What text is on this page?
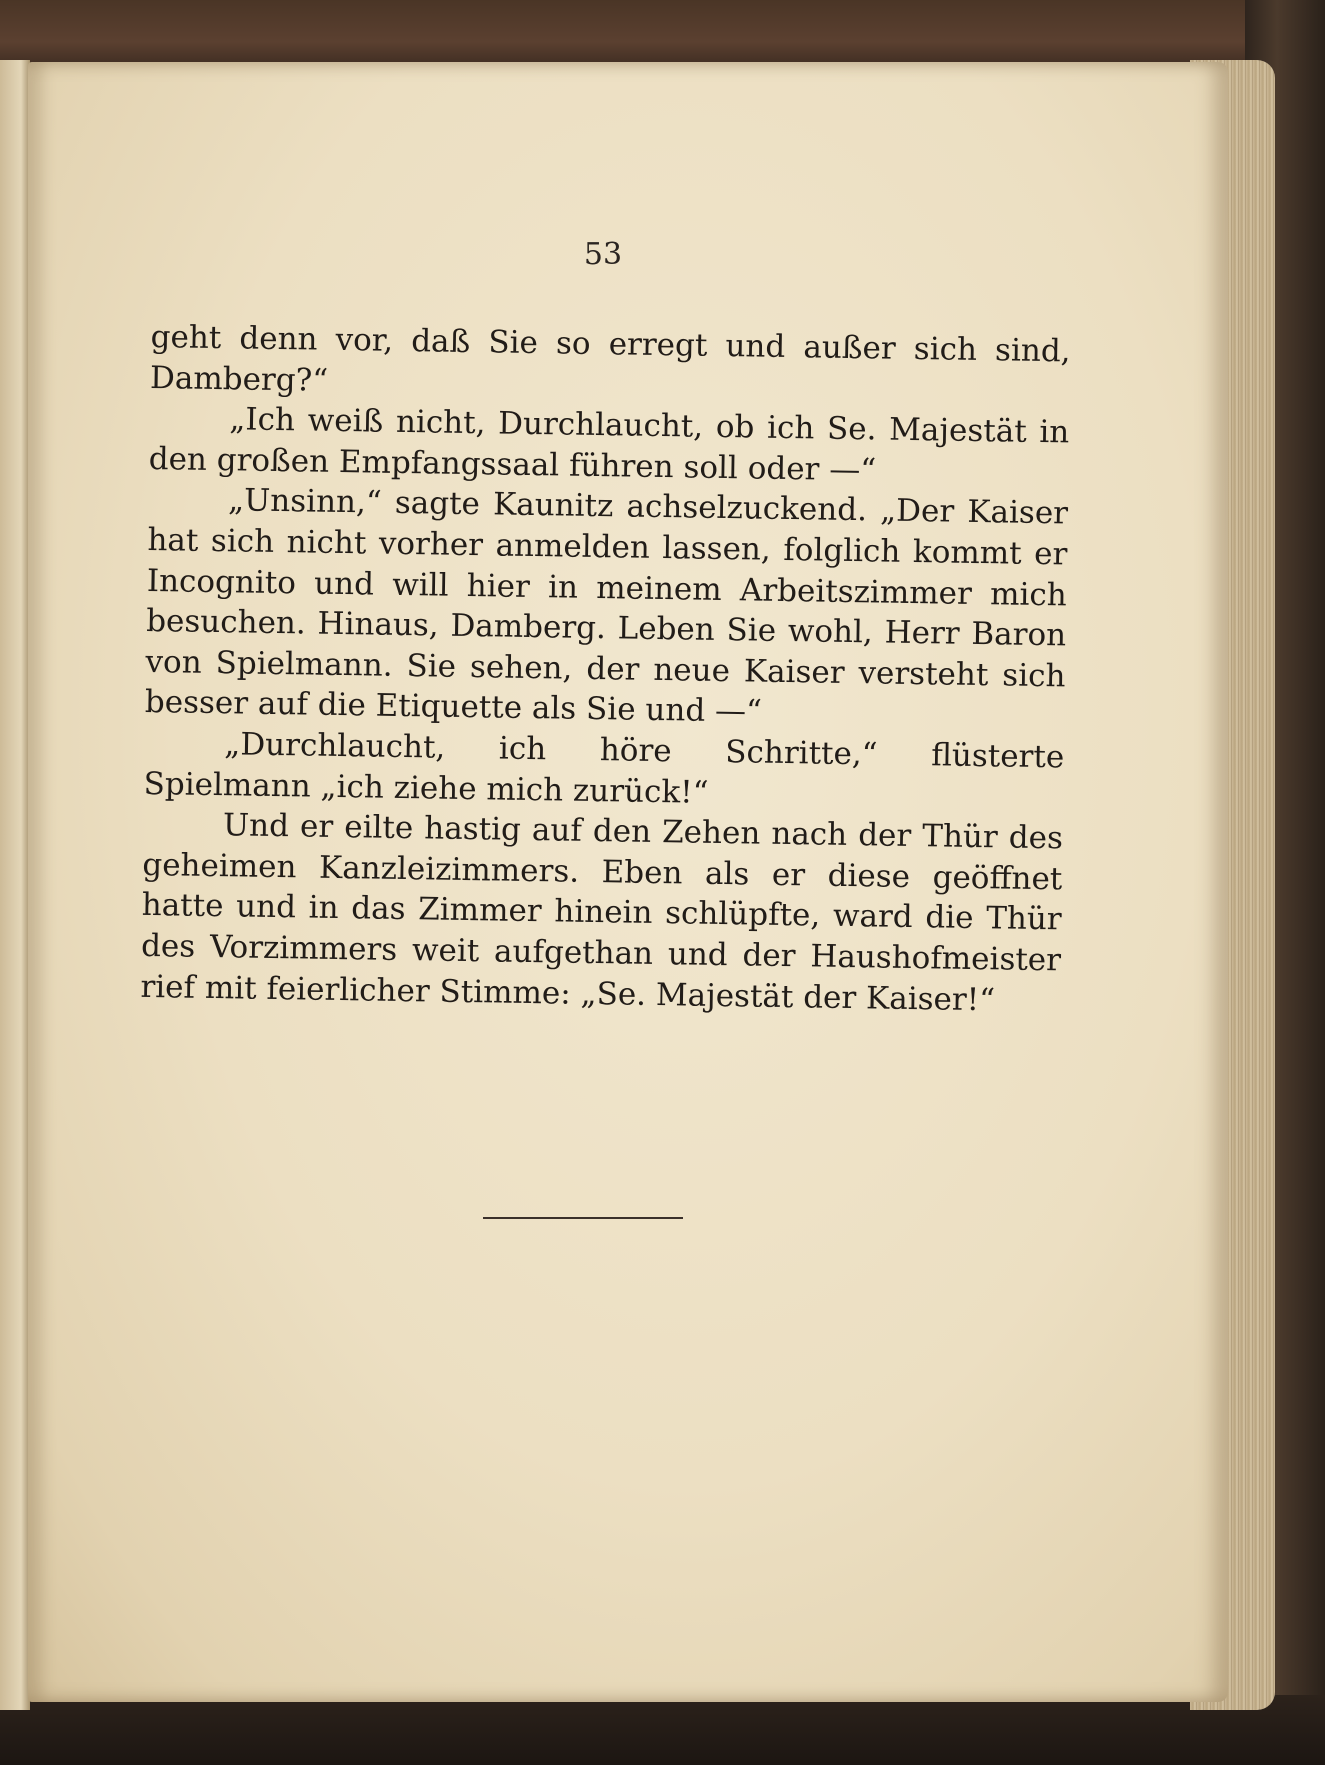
53

geht denn vor, daß Sie so erregt und außer sich sind, Damberg?“

„Ich weiß nicht, Durchlaucht, ob ich Se. Majestät in den großen Empfangssaal führen soll oder —“

„Unsinn,“ sagte Kaunitz achselzuckend. „Der Kaiser hat sich nicht vorher anmelden lassen, folglich kommt er Incognito und will hier in meinem Arbeitszimmer mich besuchen. Hinaus, Damberg. Leben Sie wohl, Herr Baron von Spielmann. Sie sehen, der neue Kaiser versteht sich besser auf die Etiquette als Sie und —“

„Durchlaucht, ich höre Schritte,“ flüsterte Spielmann „ich ziehe mich zurück!“

Und er eilte hastig auf den Zehen nach der Thür des geheimen Kanzleizimmers. Eben als er diese geöffnet hatte und in das Zimmer hinein schlüpfte, ward die Thür des Vorzimmers weit aufgethan und der Haushofmeister rief mit feierlicher Stimme: „Se. Majestät der Kaiser!“
